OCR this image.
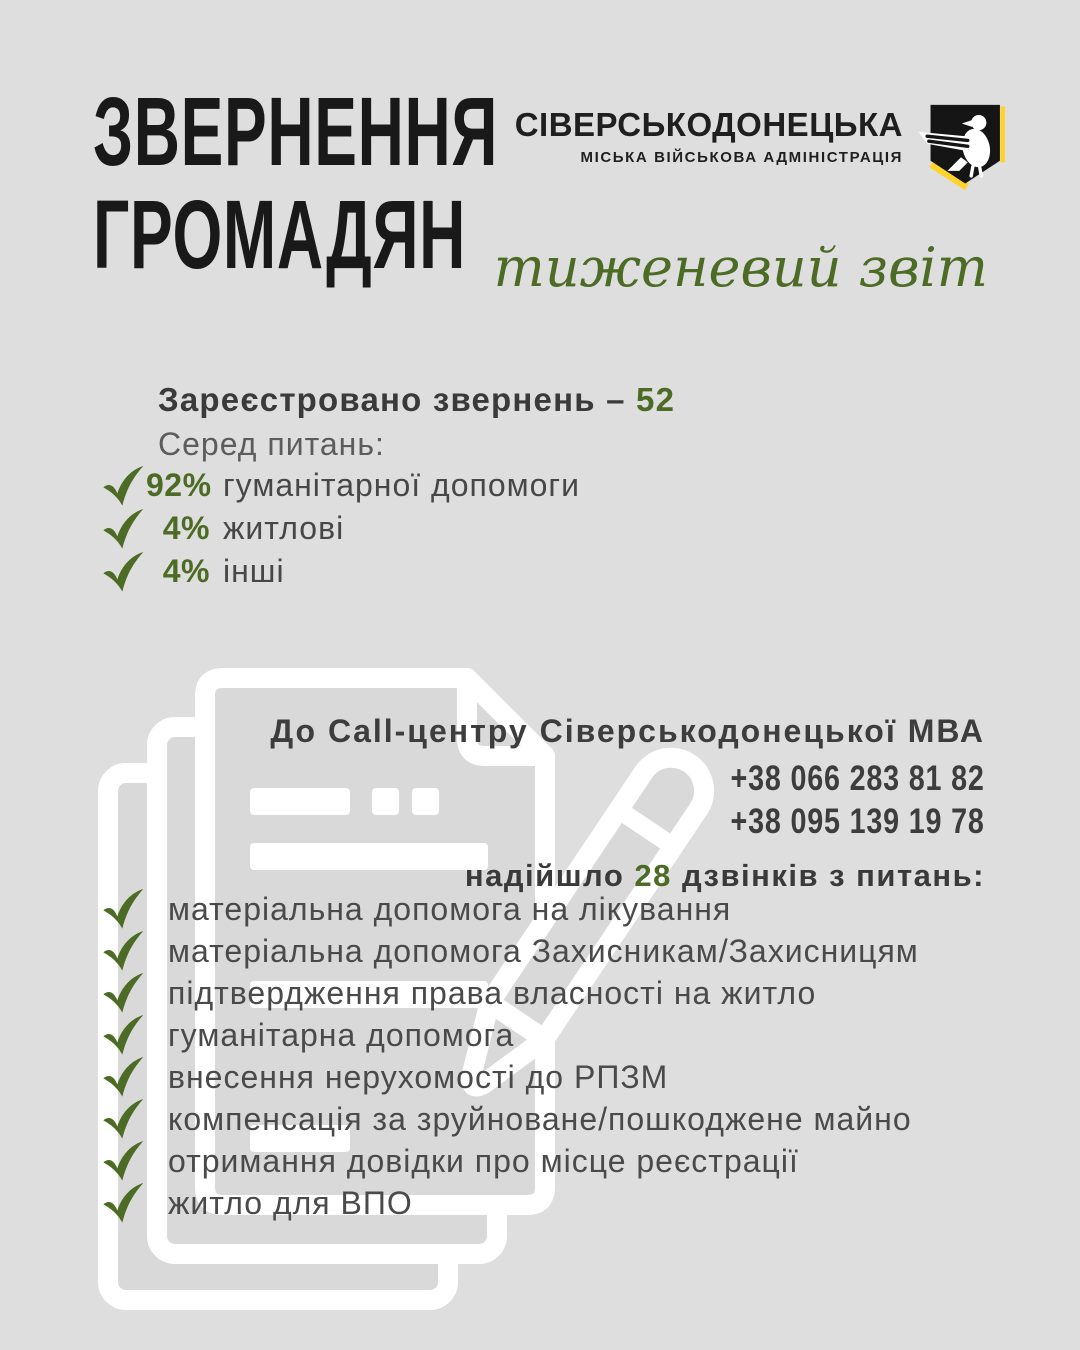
ЗВЕРНЕННЯ
ГРОМАДЯН
СІВЕРСЬКОДОНЕЦЬКА
МІСЬКА ВІЙСЬКОВА АДМІНІСТРАЦІЯ
тиженевий звіт
Зареєстровано звернень – 52
Серед питань:
92% гуманітарної допомоги
4% житлові
4% інші
До Call-центру Сіверськодонецької МВА
+38 066 283 81 82
+38 095 139 19 78
надійшло 28 дзвінків з питань:
матеріальна допомога на лікування
матеріальна допомога Захисникам/Захисницям
підтвердження права власності на житло
гуманітарна допомога
внесення нерухомості до РПЗМ
компенсація за зруйноване/пошкоджене майно
отримання довідки про місце реєстрації
житло для ВПО
